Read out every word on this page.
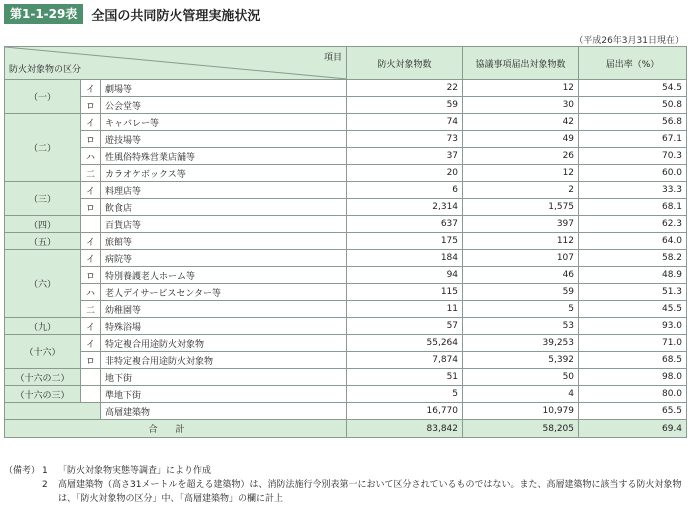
第1-1-29表	全国の共同防火管理実施状況
（平成26年3月31日現在）
項目
防火対象物の区分			防火対象物数	協議事項届出対象物数	届出率（%）
（一）	イ	劇場等	22	12	54.5
	ロ	公会堂等	59	30	50.8
（二）	イ	キャバレー等	74	42	56.8
	ロ	遊技場等	73	49	67.1
	ハ	性風俗特殊営業店舗等	37	26	70.3
	二	カラオケボックス等	20	12	60.0
（三）	イ	料理店等	6	2	33.3
	ロ	飲食店	2,314	1,575	68.1
（四）		百貨店等	637	397	62.3
（五）	イ	旅館等	175	112	64.0
（六）	イ	病院等	184	107	58.2
	ロ	特別養護老人ホーム等	94	46	48.9
	ハ	老人デイサービスセンター等	115	59	51.3
	二	幼稚園等	11	5	45.5
（九）	イ	特殊浴場	57	53	93.0
（十六）	イ	特定複合用途防火対象物	55,264	39,253	71.0
	ロ	非特定複合用途防火対象物	7,874	5,392	68.5
（十六の二）		地下街	51	50	98.0
（十六の三）		準地下街	5	4	80.0
		高層建築物	16,770	10,979	65.5
合計			83,842	58,205	69.4
（備考） 1	「防火対象物実態等調査」により作成
2	高層建築物（高さ31メートルを超える建築物）は、消防法施行令別表第一において区分されているものではない。また、高層建築物に該当する防火対象物は、「防火対象物の区分」中、「高層建築物」の欄に計上
